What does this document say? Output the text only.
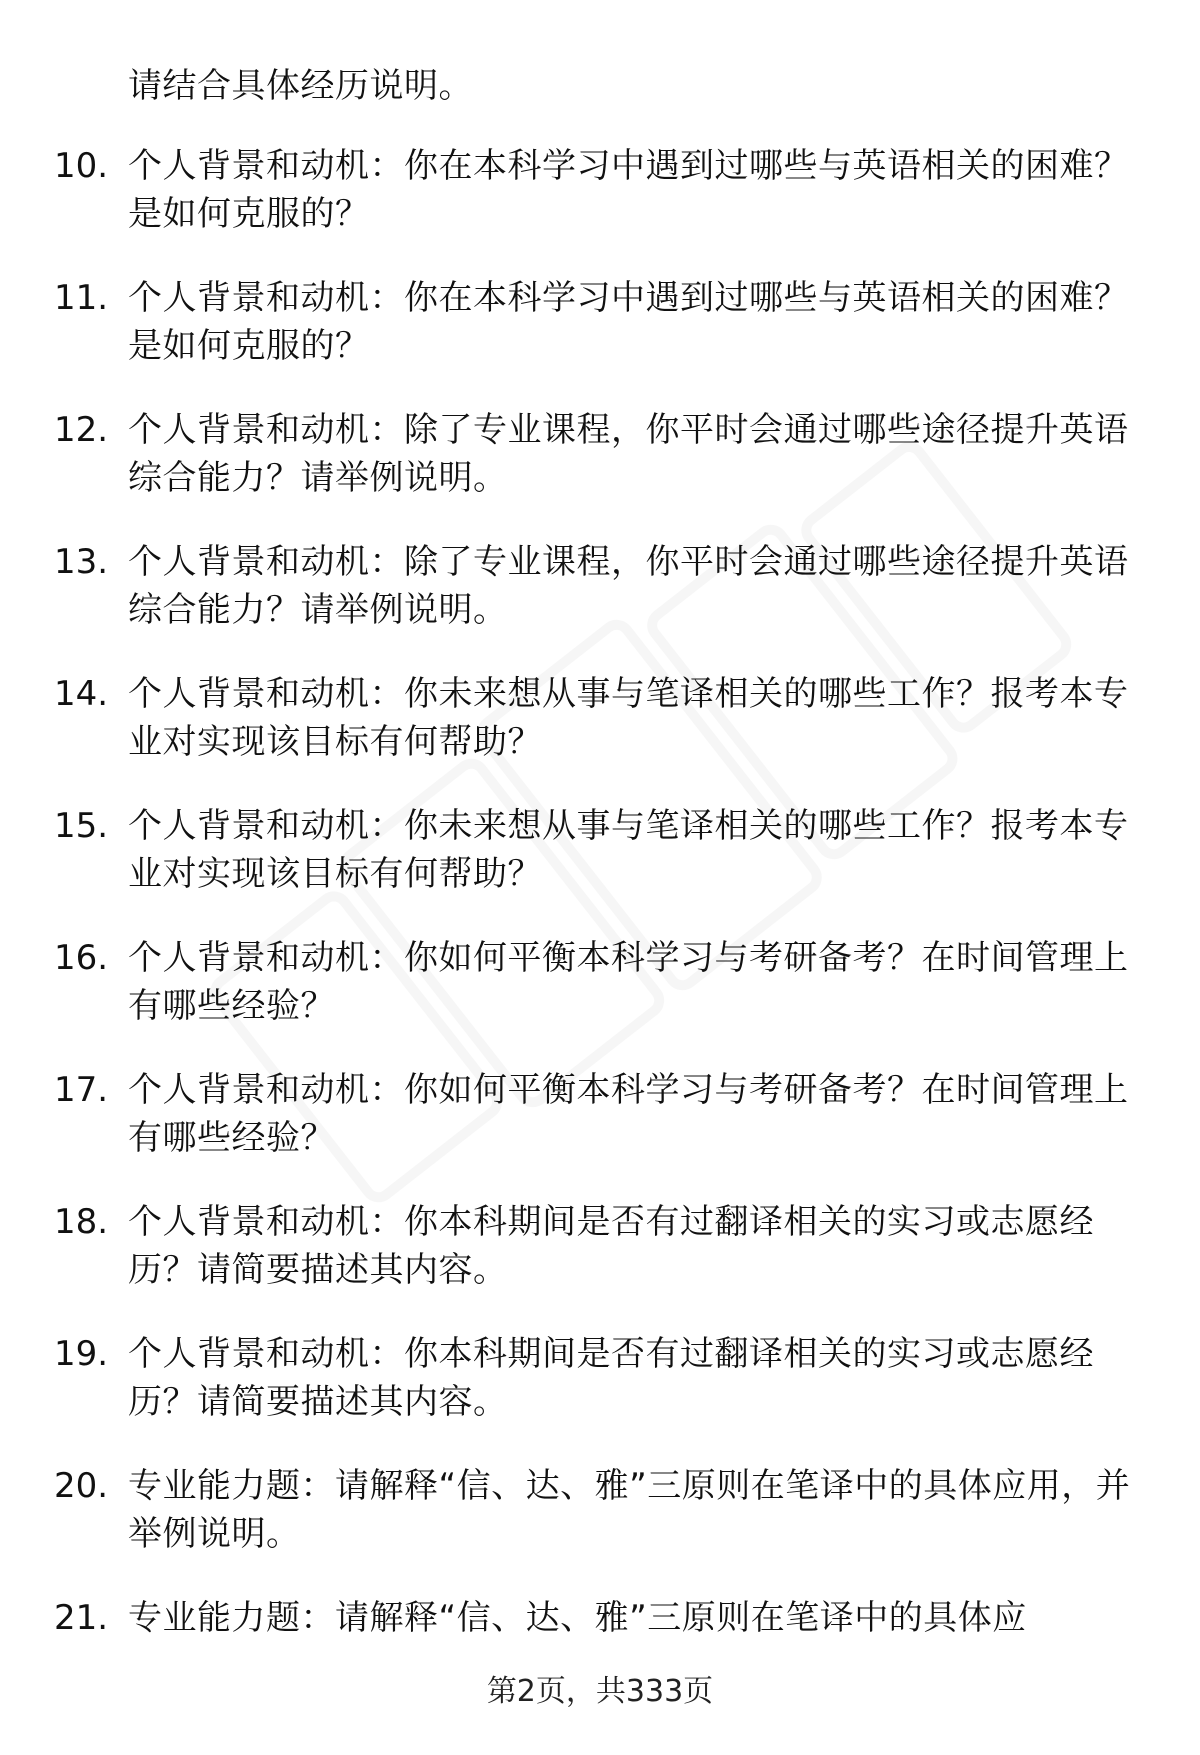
请结合具体经历说明。
10. 个人背景和动机：你在本科学习中遇到过哪些与英语相关的困难？是如何克服的？
11. 个人背景和动机：你在本科学习中遇到过哪些与英语相关的困难？是如何克服的？
12. 个人背景和动机：除了专业课程，你平时会通过哪些途径提升英语综合能力？请举例说明。
13. 个人背景和动机：除了专业课程，你平时会通过哪些途径提升英语综合能力？请举例说明。
14. 个人背景和动机：你未来想从事与笔译相关的哪些工作？报考本专业对实现该目标有何帮助？
15. 个人背景和动机：你未来想从事与笔译相关的哪些工作？报考本专业对实现该目标有何帮助？
16. 个人背景和动机：你如何平衡本科学习与考研备考？在时间管理上有哪些经验？
17. 个人背景和动机：你如何平衡本科学习与考研备考？在时间管理上有哪些经验？
18. 个人背景和动机：你本科期间是否有过翻译相关的实习或志愿经历？请简要描述其内容。
19. 个人背景和动机：你本科期间是否有过翻译相关的实习或志愿经历？请简要描述其内容。
20. 专业能力题：请解释“信、达、雅”三原则在笔译中的具体应用，并举例说明。
21. 专业能力题：请解释“信、达、雅”三原则在笔译中的具体应
第2页，共333页
